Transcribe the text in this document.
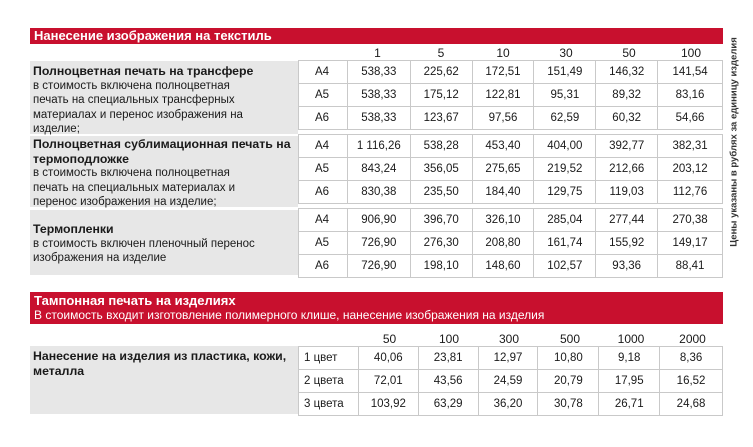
Нанесение изображения на текстиль
1	5	10	30	50	100
Полноцветная печать на трансфере
в стоимость включена полноцветная
печать на специальных трансферных
материалах и перенос изображения на
изделие;
Полноцветная сублимационная печать на
термоподложке
в стоимость включена полноцветная
печать на специальных материалах и
перенос изображения на изделие;
Термопленки
в стоимость включен пленочный перенос
изображения на изделие
A4	538,33	225,62	172,51	151,49	146,32	141,54
A5	538,33	175,12	122,81	95,31	89,32	83,16
A6	538,33	123,67	97,56	62,59	60,32	54,66

A4	1 116,26	538,28	453,40	404,00	392,77	382,31
A5	843,24	356,05	275,65	219,52	212,66	203,12
A6	830,38	235,50	184,40	129,75	119,03	112,76

A4	906,90	396,70	326,10	285,04	277,44	270,38
A5	726,90	276,30	208,80	161,74	155,92	149,17
A6	726,90	198,10	148,60	102,57	93,36	88,41
Цены указаны в рублях за единицу изделия
Тампонная печать на изделиях
В стоимость входит изготовление полимерного клише, нанесение изображения на изделия
50	100	300	500	1000	2000
Нанесение на изделия из пластика, кожи,
металла
1 цвет	40,06	23,81	12,97	10,80	9,18	8,36
2 цвета	72,01	43,56	24,59	20,79	17,95	16,52
3 цвета	103,92	63,29	36,20	30,78	26,71	24,68
